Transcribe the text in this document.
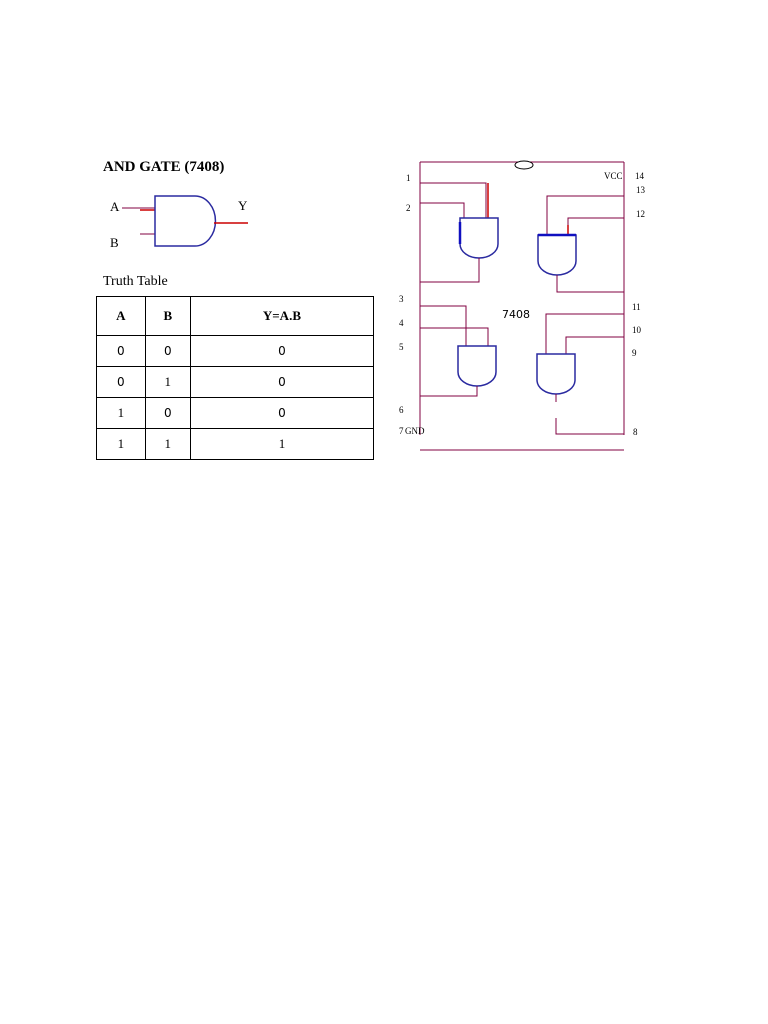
AND GATE (7408)
A
B
Y
Truth Table
A	B	Y=A.B
0	0	0
0	1	0
1	0	0
1	1	1
1
2
3
4
5
6
7 GND
VCC 14
13
12
11
10
9
8
7408
